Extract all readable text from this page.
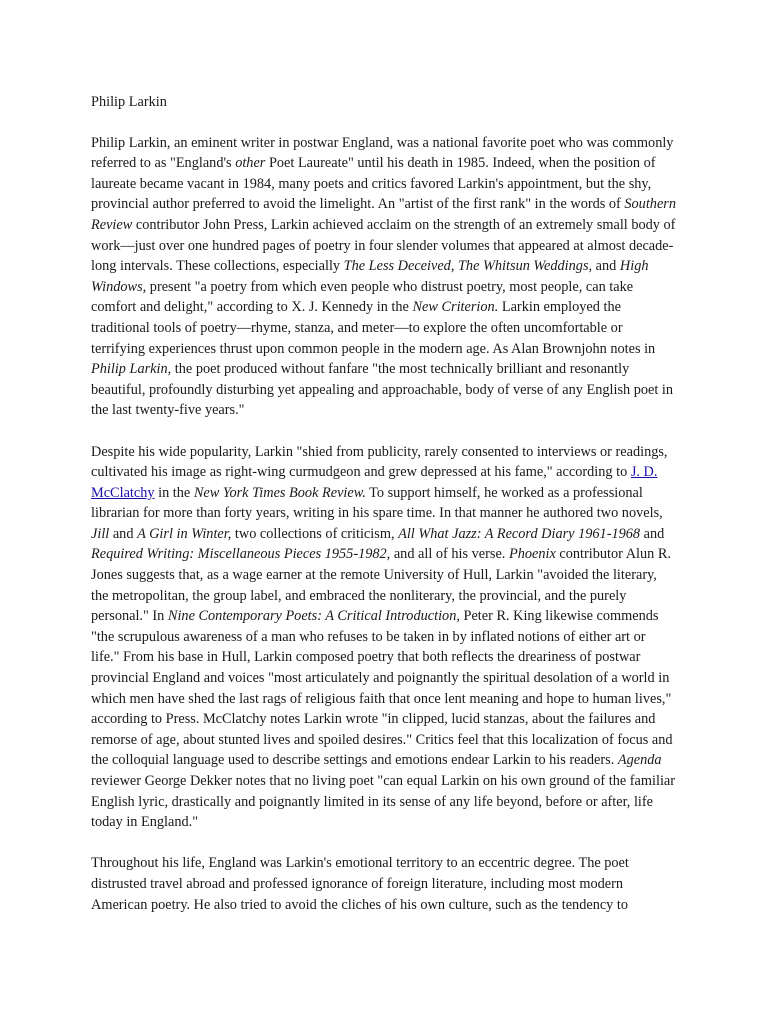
Philip Larkin

Philip Larkin, an eminent writer in postwar England, was a national favorite poet who was commonly referred to as "England's other Poet Laureate" until his death in 1985. Indeed, when the position of laureate became vacant in 1984, many poets and critics favored Larkin's appointment, but the shy, provincial author preferred to avoid the limelight. An "artist of the first rank" in the words of Southern Review contributor John Press, Larkin achieved acclaim on the strength of an extremely small body of work—just over one hundred pages of poetry in four slender volumes that appeared at almost decade-long intervals. These collections, especially The Less Deceived, The Whitsun Weddings, and High Windows, present "a poetry from which even people who distrust poetry, most people, can take comfort and delight," according to X. J. Kennedy in the New Criterion. Larkin employed the traditional tools of poetry—rhyme, stanza, and meter—to explore the often uncomfortable or terrifying experiences thrust upon common people in the modern age. As Alan Brownjohn notes in Philip Larkin, the poet produced without fanfare "the most technically brilliant and resonantly beautiful, profoundly disturbing yet appealing and approachable, body of verse of any English poet in the last twenty-five years."

Despite his wide popularity, Larkin "shied from publicity, rarely consented to interviews or readings, cultivated his image as right-wing curmudgeon and grew depressed at his fame," according to J. D. McClatchy in the New York Times Book Review. To support himself, he worked as a professional librarian for more than forty years, writing in his spare time. In that manner he authored two novels, Jill and A Girl in Winter, two collections of criticism, All What Jazz: A Record Diary 1961-1968 and Required Writing: Miscellaneous Pieces 1955-1982, and all of his verse. Phoenix contributor Alun R. Jones suggests that, as a wage earner at the remote University of Hull, Larkin "avoided the literary, the metropolitan, the group label, and embraced the nonliterary, the provincial, and the purely personal." In Nine Contemporary Poets: A Critical Introduction, Peter R. King likewise commends "the scrupulous awareness of a man who refuses to be taken in by inflated notions of either art or life." From his base in Hull, Larkin composed poetry that both reflects the dreariness of postwar provincial England and voices "most articulately and poignantly the spiritual desolation of a world in which men have shed the last rags of religious faith that once lent meaning and hope to human lives," according to Press. McClatchy notes Larkin wrote "in clipped, lucid stanzas, about the failures and remorse of age, about stunted lives and spoiled desires." Critics feel that this localization of focus and the colloquial language used to describe settings and emotions endear Larkin to his readers. Agenda reviewer George Dekker notes that no living poet "can equal Larkin on his own ground of the familiar English lyric, drastically and poignantly limited in its sense of any life beyond, before or after, life today in England."

Throughout his life, England was Larkin's emotional territory to an eccentric degree. The poet distrusted travel abroad and professed ignorance of foreign literature, including most modern American poetry. He also tried to avoid the cliches of his own culture, such as the tendency to
